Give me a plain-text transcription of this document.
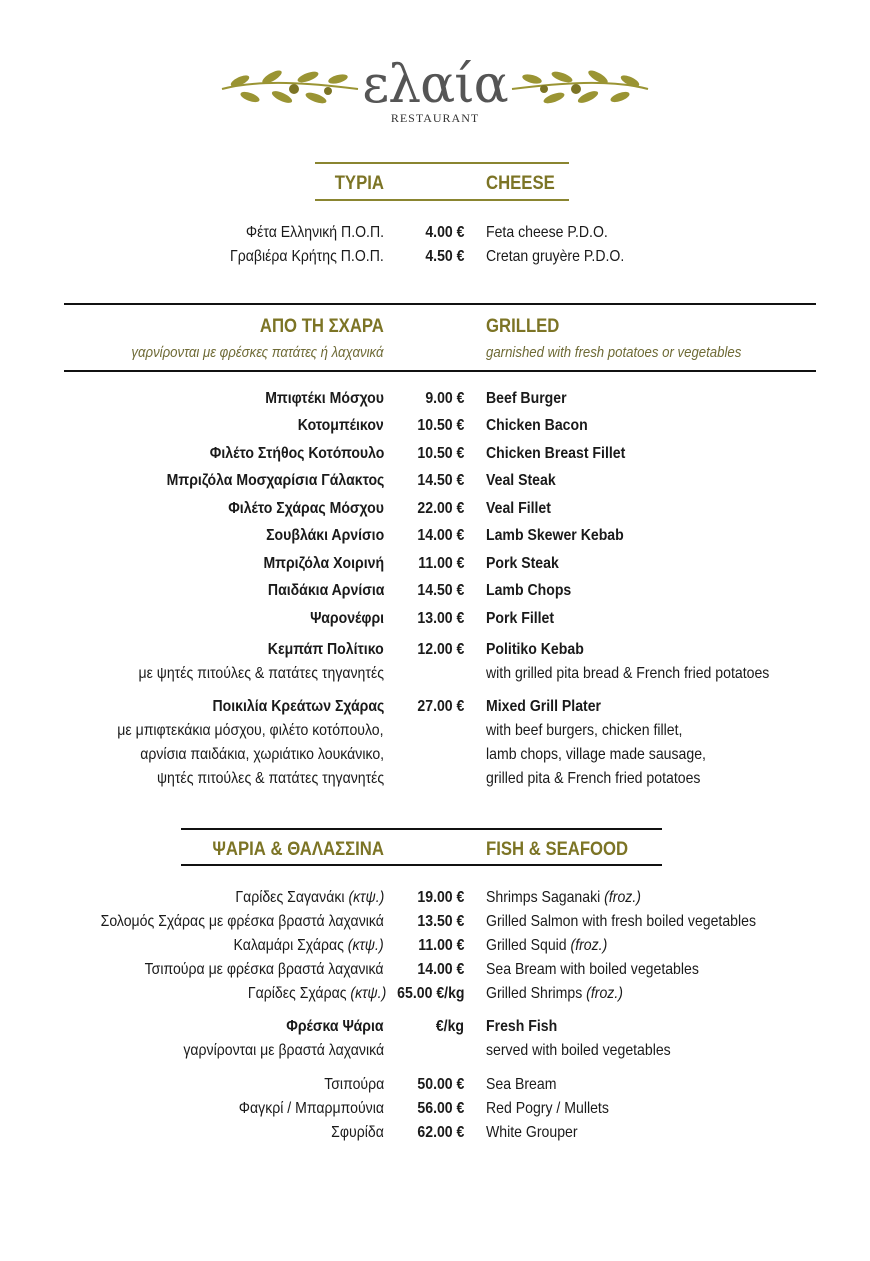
ελαία
RESTAURANT
ΤΥΡΙΑ	CHEESE
Φέτα Ελληνική Π.Ο.Π.	4.00 € Feta cheese P.D.O.
Γραβιέρα Κρήτης Π.Ο.Π.	4.50 € Cretan gruyère P.D.O.
ΑΠΟ ΤΗ ΣΧΑΡΑ	GRILLED
γαρνίρονται με φρέσκες πατάτες ή λαχανικά	garnished with fresh potatoes or vegetables
Μπιφτέκι Μόσχου	9.00 € Beef Burger
Κοτομπέικον 10.50 € Chicken Bacon
Φιλέτο Στήθος Κοτόπουλο 10.50 € Chicken Breast Fillet
Μπριζόλα Μοσχαρίσια Γάλακτος 14.50 € Veal Steak
Φιλέτο Σχάρας Μόσχου 22.00 € Veal Fillet
Σουβλάκι Αρνίσιο 14.00 € Lamb Skewer Kebab
Μπριζόλα Χοιρινή 11.00 € Pork Steak
Παιδάκια Αρνίσια 14.50 € Lamb Chops
Ψαρονέφρι 13.00 € Pork Fillet
Κεμπάπ Πολίτικο 12.00 € Politiko Kebab
με ψητές πιτούλες & πατάτες τηγανητές	with grilled pita bread & French fried potatoes
Ποικιλία Κρεάτων Σχάρας 27.00 € Mixed Grill Plater
με μπιφτεκάκια μόσχου, φιλέτο κοτόπουλο,
αρνίσια παιδάκια, χωριάτικο λουκάνικο,
ψητές πιτούλες & πατάτες τηγανητές
with beef burgers, chicken fillet,
lamb chops, village made sausage,
grilled pita & French fried potatoes
ΨΑΡΙΑ & ΘΑΛΑΣΣΙΝΑ	FISH & SEAFOOD
Γαρίδες Σαγανάκι (κτψ.) 19.00 € Shrimps Saganaki (froz.)
Σολομός Σχάρας με φρέσκα βραστά λαχανικά 13.50 € Grilled Salmon with fresh boiled vegetables
Καλαμάρι Σχάρας (κτψ.) 11.00 € Grilled Squid (froz.)
Τσιπούρα με φρέσκα βραστά λαχανικά 14.00 € Sea Bream with boiled vegetables
Γαρίδες Σχάρας (κτψ.) 65.00 €/kg Grilled Shrimps (froz.)
Φρέσκα Ψάρια	€/kg Fresh Fish
γαρνίρονται με βραστά λαχανικά	served with boiled vegetables
Τσιπούρα 50.00 € Sea Bream
Φαγκρί / Μπαρμπούνια 56.00 € Red Pogry / Mullets
Σφυρίδα 62.00 € White Grouper
